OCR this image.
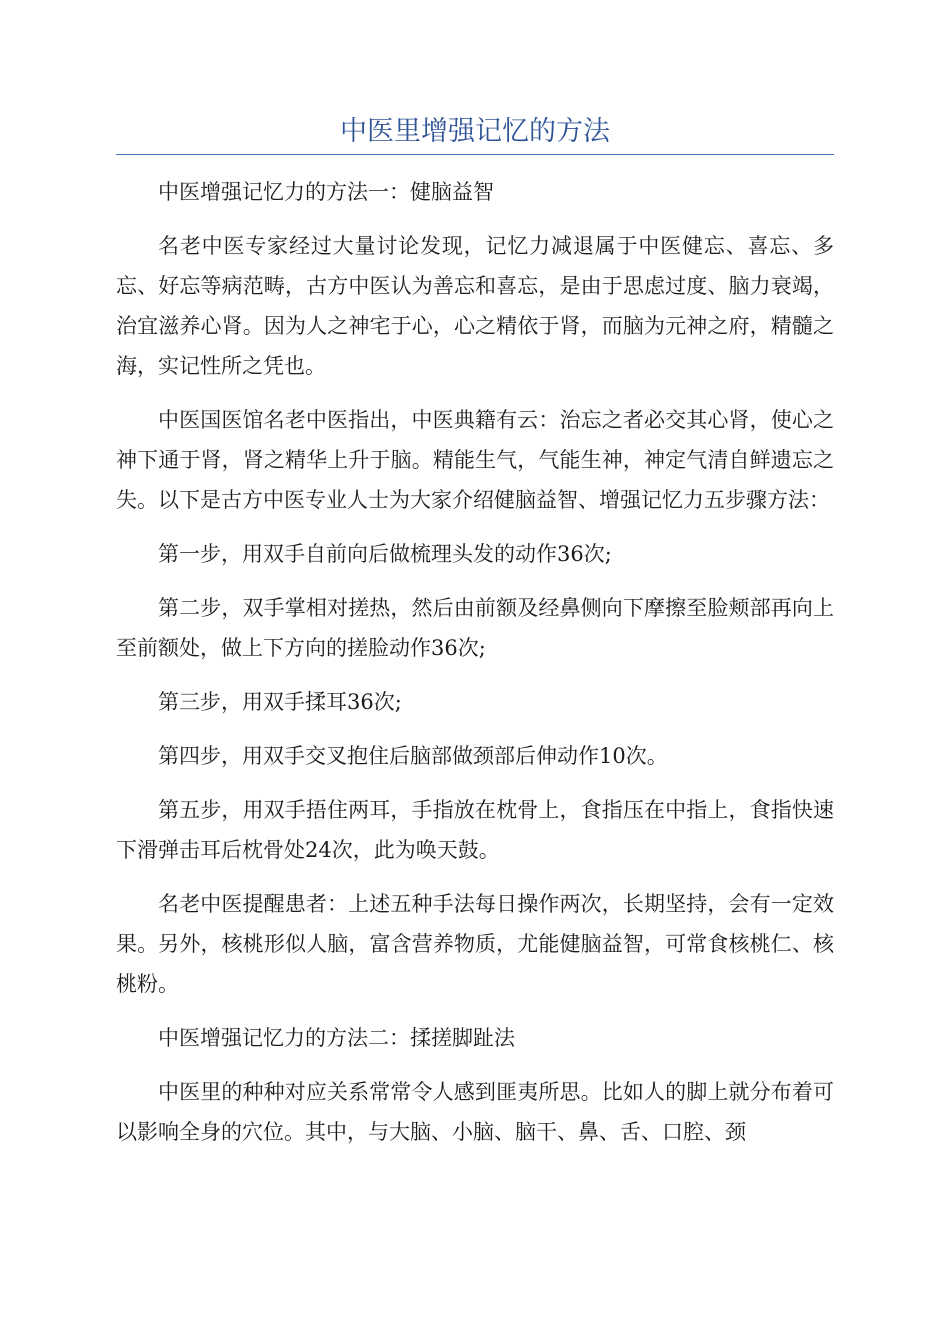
中医里增强记忆的方法

中医增强记忆力的方法一：健脑益智

名老中医专家经过大量讨论发现，记忆力减退属于中医健忘、喜忘、多忘、好忘等病范畴，古方中医认为善忘和喜忘，是由于思虑过度、脑力衰竭，治宜滋养心肾。因为人之神宅于心，心之精依于肾，而脑为元神之府，精髓之海，实记性所之凭也。

中医国医馆名老中医指出，中医典籍有云：治忘之者必交其心肾，使心之神下通于肾，肾之精华上升于脑。精能生气，气能生神，神定气清自鲜遗忘之失。以下是古方中医专业人士为大家介绍健脑益智、增强记忆力五步骤方法：

第一步，用双手自前向后做梳理头发的动作36次;

第二步，双手掌相对搓热，然后由前额及经鼻侧向下摩擦至脸颊部再向上至前额处，做上下方向的搓脸动作36次;

第三步，用双手揉耳36次;

第四步，用双手交叉抱住后脑部做颈部后伸动作10次。

第五步，用双手捂住两耳，手指放在枕骨上，食指压在中指上，食指快速下滑弹击耳后枕骨处24次，此为唤天鼓。

名老中医提醒患者：上述五种手法每日操作两次，长期坚持，会有一定效果。另外，核桃形似人脑，富含营养物质，尤能健脑益智，可常食核桃仁、核桃粉。

中医增强记忆力的方法二：揉搓脚趾法

中医里的种种对应关系常常令人感到匪夷所思。比如人的脚上就分布着可以影响全身的穴位。其中，与大脑、小脑、脑干、鼻、舌、口腔、颈
